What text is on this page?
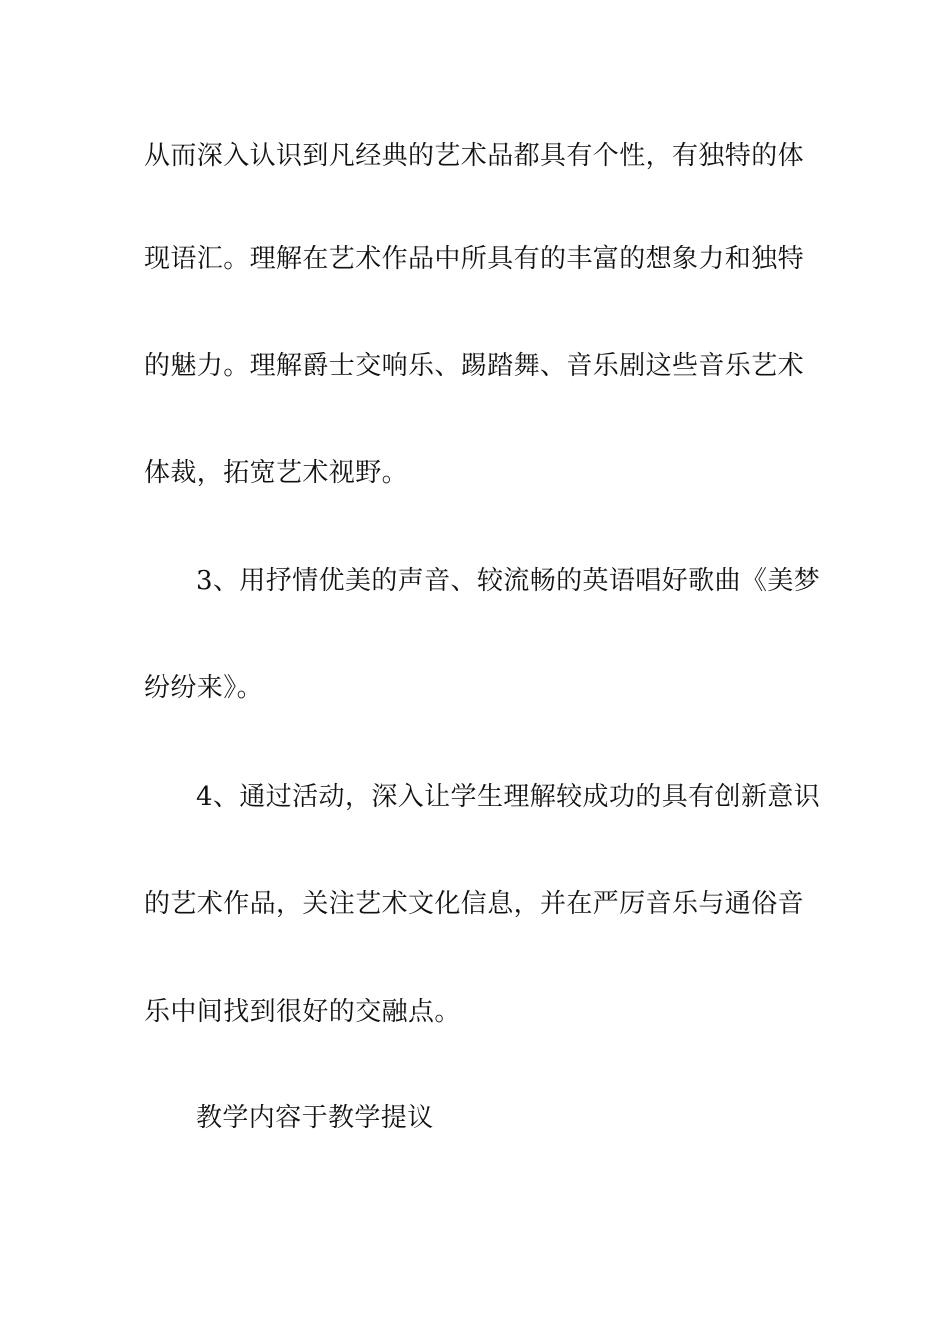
从而深入认识到凡经典的艺术品都具有个性，有独特的体
现语汇。理解在艺术作品中所具有的丰富的想象力和独特
的魅力。理解爵士交响乐、踢踏舞、音乐剧这些音乐艺术
体裁，拓宽艺术视野。
3、用抒情优美的声音、较流畅的英语唱好歌曲《美梦
纷纷来》。
4、通过活动，深入让学生理解较成功的具有创新意识
的艺术作品，关注艺术文化信息，并在严厉音乐与通俗音
乐中间找到很好的交融点。
教学内容于教学提议
